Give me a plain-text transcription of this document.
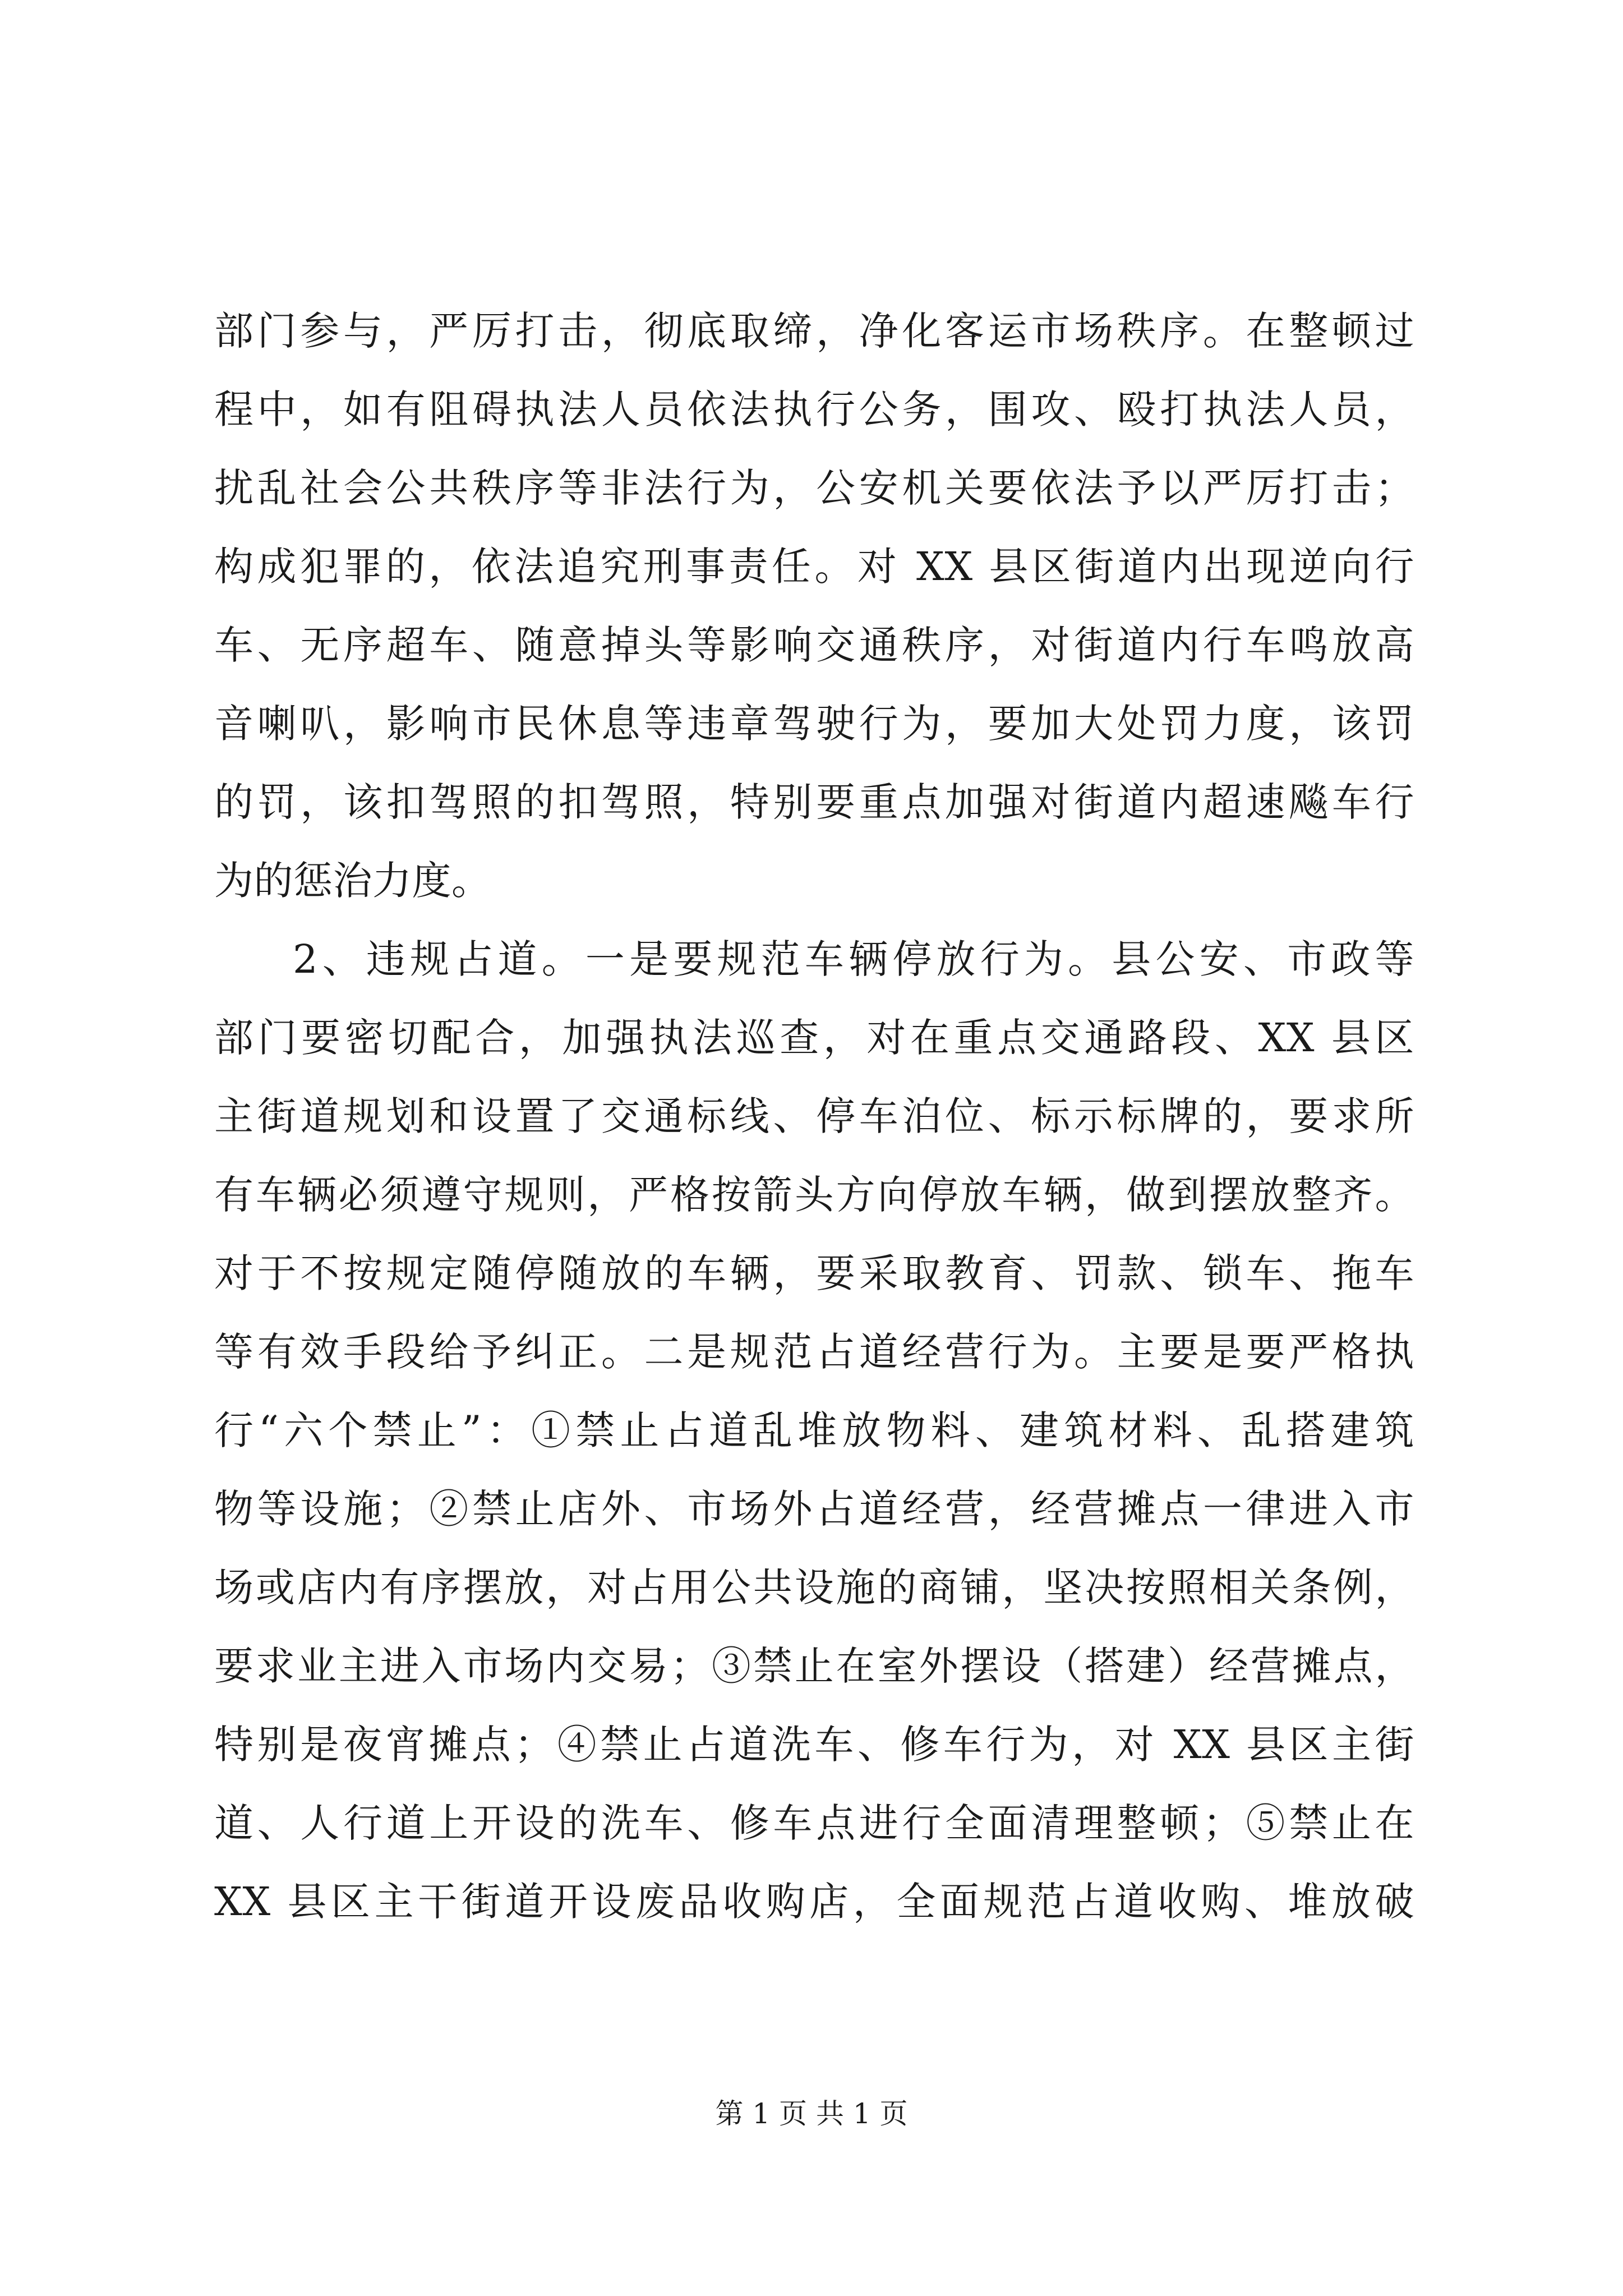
部门参与，严厉打击，彻底取缔，净化客运市场秩序。在整顿过
程中，如有阻碍执法人员依法执行公务，围攻、殴打执法人员，
扰乱社会公共秩序等非法行为，公安机关要依法予以严厉打击；
构成犯罪的，依法追究刑事责任。对 XX 县区街道内出现逆向行
车、无序超车、随意掉头等影响交通秩序，对街道内行车鸣放高
音喇叭，影响市民休息等违章驾驶行为，要加大处罚力度，该罚
的罚，该扣驾照的扣驾照，特别要重点加强对街道内超速飚车行
为的惩治力度。
2、违规占道。一是要规范车辆停放行为。县公安、市政等
部门要密切配合，加强执法巡查，对在重点交通路段、XX 县区
主街道规划和设置了交通标线、停车泊位、标示标牌的，要求所
有车辆必须遵守规则，严格按箭头方向停放车辆，做到摆放整齐。
对于不按规定随停随放的车辆，要采取教育、罚款、锁车、拖车
等有效手段给予纠正。二是规范占道经营行为。主要是要严格执
行“六个禁止”：①禁止占道乱堆放物料、建筑材料、乱搭建筑
物等设施；②禁止店外、市场外占道经营，经营摊点一律进入市
场或店内有序摆放，对占用公共设施的商铺，坚决按照相关条例，
要求业主进入市场内交易；③禁止在室外摆设（搭建）经营摊点，
特别是夜宵摊点；④禁止占道洗车、修车行为，对 XX 县区主街
道、人行道上开设的洗车、修车点进行全面清理整顿；⑤禁止在
XX 县区主干街道开设废品收购店，全面规范占道收购、堆放破
第 1 页 共 1 页
